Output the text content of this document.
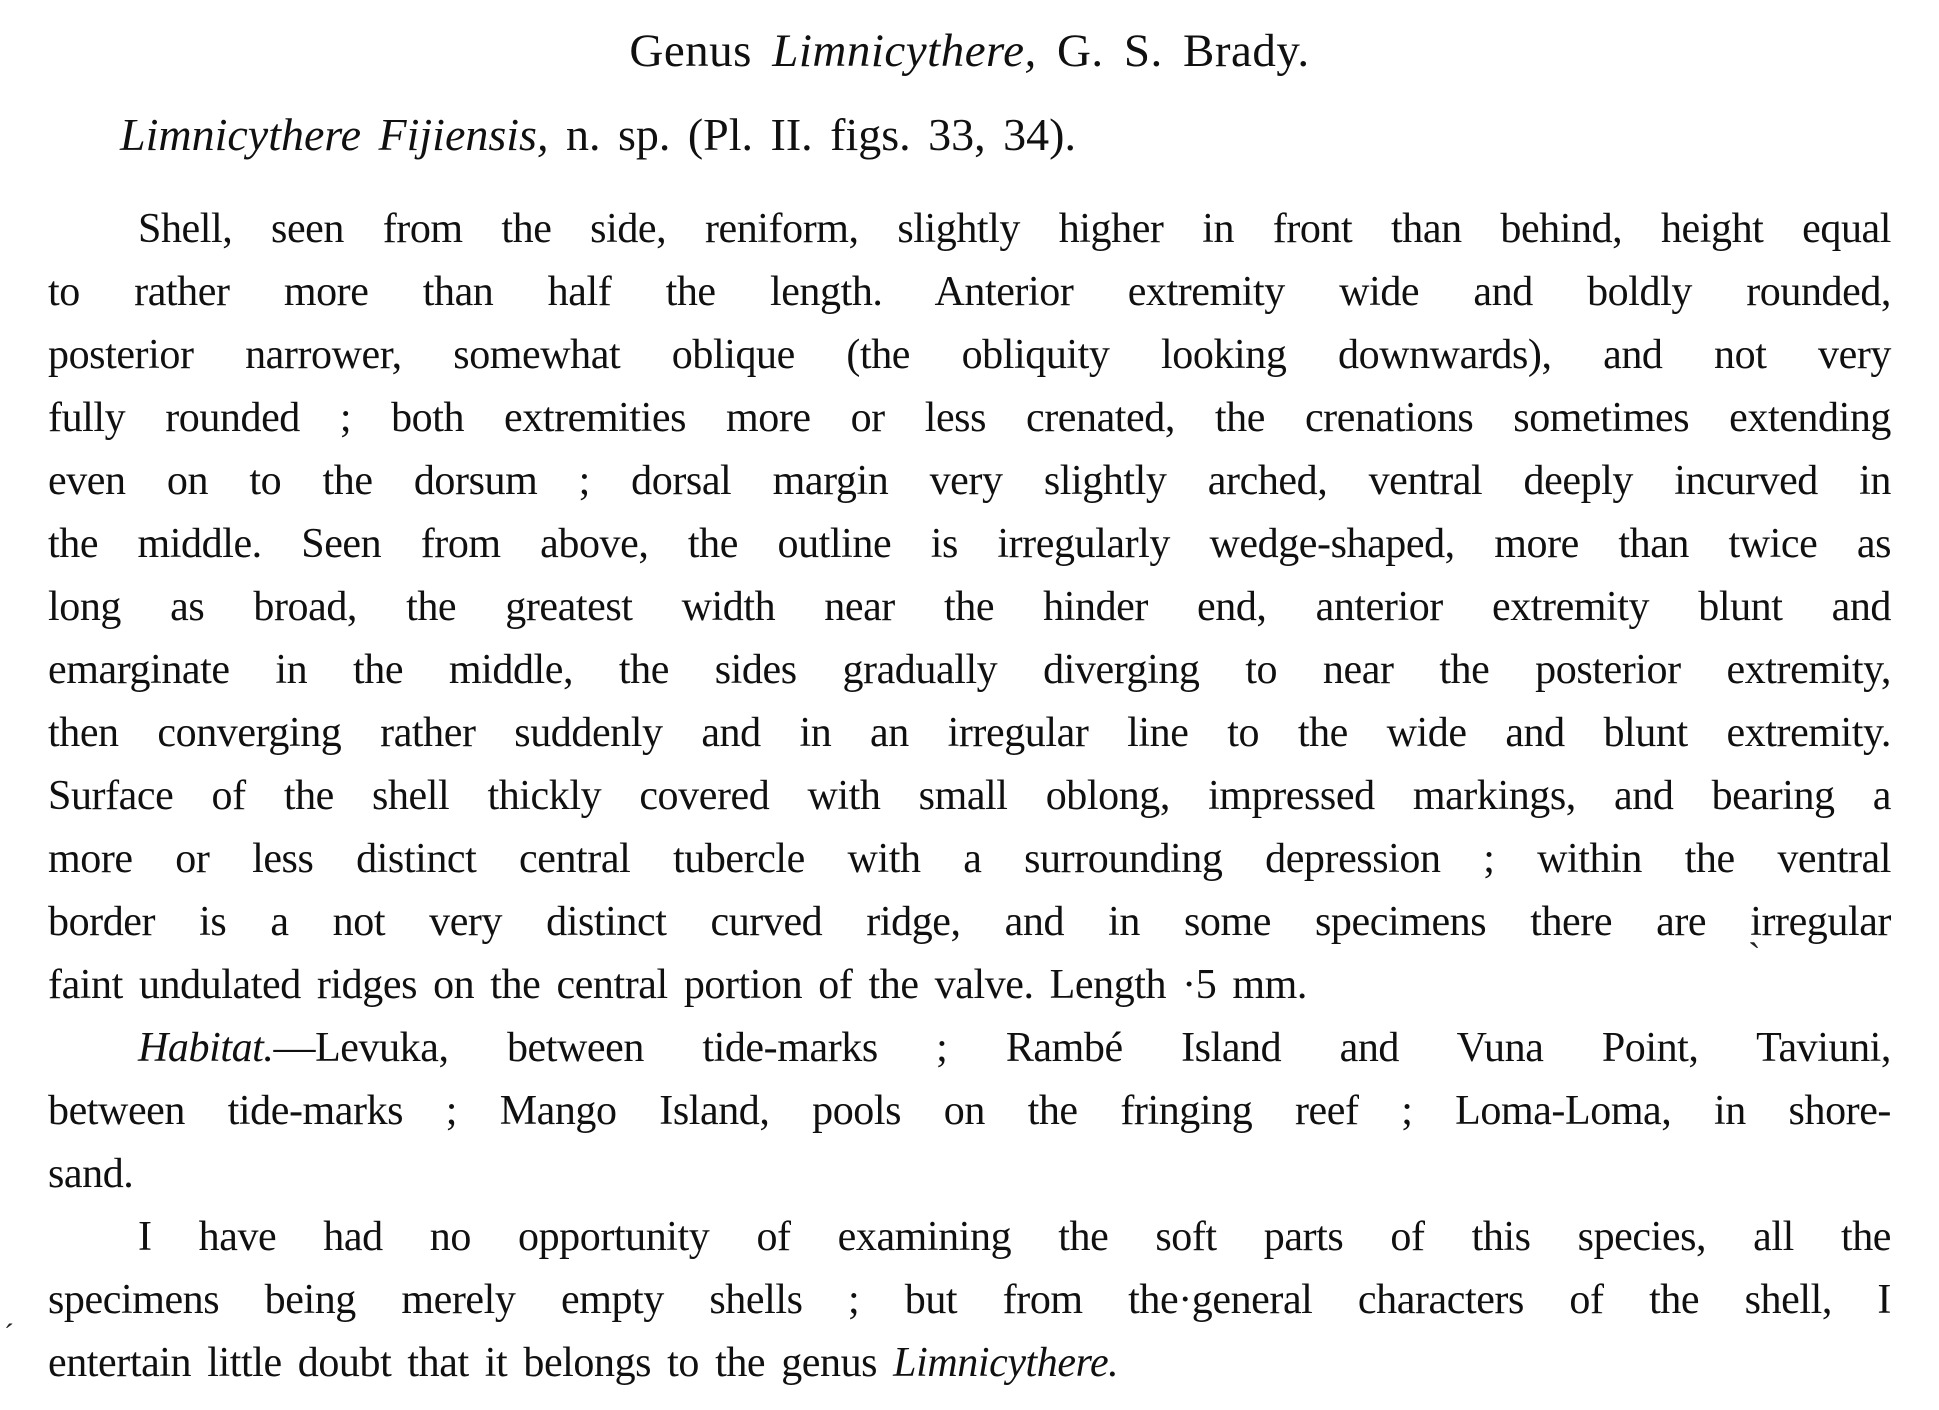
Genus Limnicythere, G. S. Brady.
Limnicythere Fijiensis, n. sp. (Pl. II. figs. 33, 34).
Shell, seen from the side, reniform, slightly higher in front than behind, height equal
to rather more than half the length. Anterior extremity wide and boldly rounded,
posterior narrower, somewhat oblique (the obliquity looking downwards), and not very
fully rounded ; both extremities more or less crenated, the crenations sometimes extending
even on to the dorsum ; dorsal margin very slightly arched, ventral deeply incurved in
the middle. Seen from above, the outline is irregularly wedge-shaped, more than twice as
long as broad, the greatest width near the hinder end, anterior extremity blunt and
emarginate in the middle, the sides gradually diverging to near the posterior extremity,
then converging rather suddenly and in an irregular line to the wide and blunt extremity.
Surface of the shell thickly covered with small oblong, impressed markings, and bearing a
more or less distinct central tubercle with a surrounding depression ; within the ventral
border is a not very distinct curved ridge, and in some specimens there are irregular
faint undulated ridges on the central portion of the valve. Length ·5 mm.
Habitat.—Levuka, between tide-marks ; Rambé Island and Vuna Point, Taviuni,
between tide-marks ; Mango Island, pools on the fringing reef ; Loma-Loma, in shore-
sand.
I have had no opportunity of examining the soft parts of this species, all the
specimens being merely empty shells ; but from the·general characters of the shell, I
entertain little doubt that it belongs to the genus Limnicythere.
`
´
